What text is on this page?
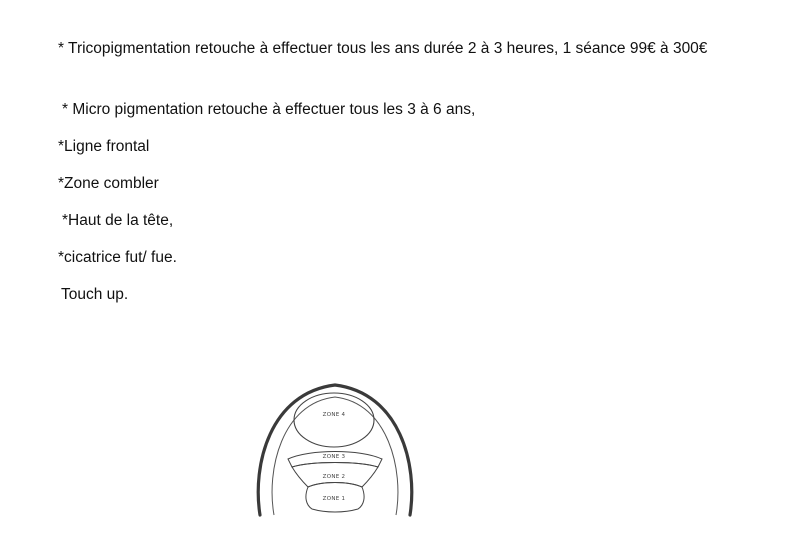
* Tricopigmentation retouche à effectuer tous les ans durée 2 à 3 heures, 1 séance 99€ à 300€
* Micro pigmentation retouche à effectuer tous les 3 à 6 ans,
*Ligne frontal
*Zone combler
*Haut de la tête,
*cicatrice fut/ fue.
Touch up.
ZONE 4
ZONE 3
ZONE 2
ZONE 1
